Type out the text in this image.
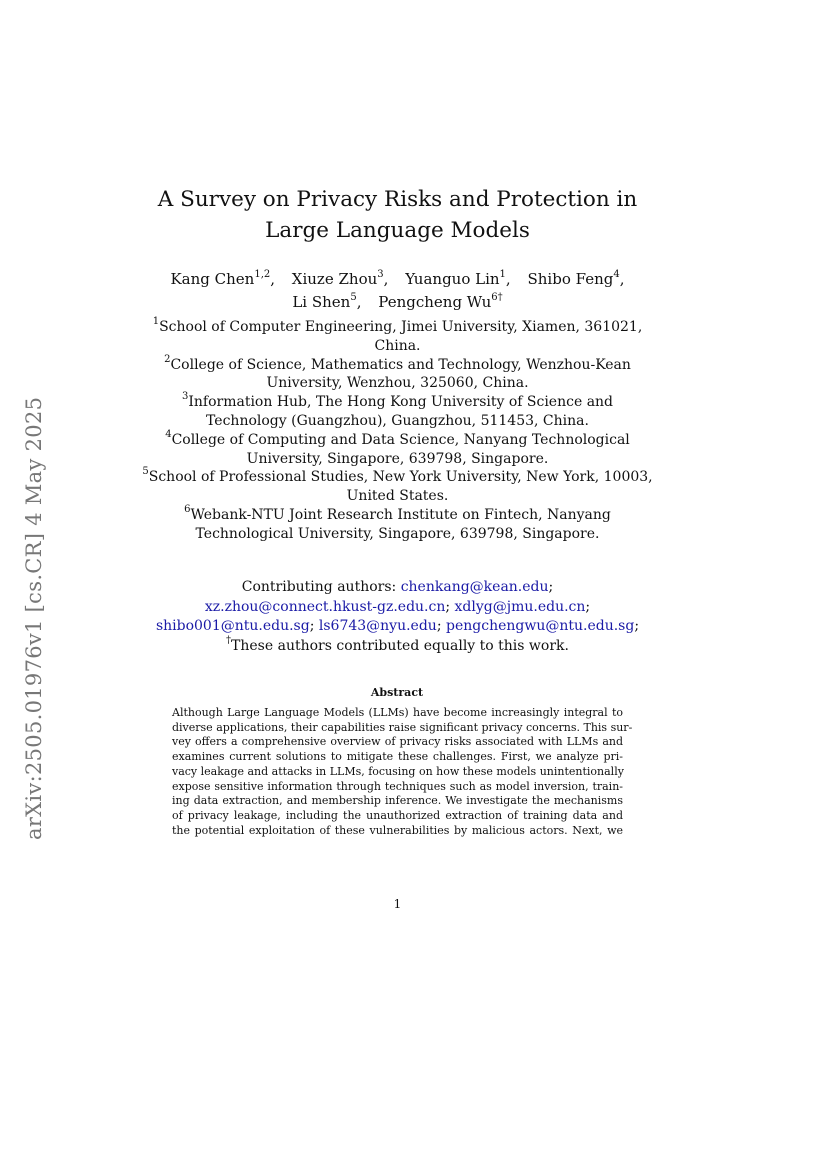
arXiv:2505.01976v1 [cs.CR] 4 May 2025
A Survey on Privacy Risks and Protection in
Large Language Models
Kang Chen$^{1,2}$, Xiuze Zhou$^3$, Yuanguo Lin$^1$, Shibo Feng$^4$,
Li Shen$^5$, Pengcheng $Wu^{6\dagger}$
$^1$School of Computer Engineering, Jimei University, Xiamen, 361021,
China.
$^2$College of Science, Mathematics and Technology, Wenzhou-Kean
University, Wenzhou, 325060, China.
$^3$Information Hub, The Hong Kong University of Science and
Technology (Guangzhou), Guangzhou, 511453, China.
$^4$College of Computing and Data Science, Nanyang Technological
University, Singapore, 639798, Singapore.
$^5$School of Professional Studies, New York University, New York, 10003,
United States.
$^6$Webank-NTU Joint Research Institute on Fintech, Nanyang
Technological University, Singapore, 639798, Singapore.
Contributing authors: chenkang@kean.edu;
xz.zhou@connect.hkust-gz.edu.cn; xdlyg@jmu.edu.cn;
shibo001@ntu.edu.sg; ls6743@nyu.edu; pengchengwu@ntu.edu.sg;
†These authors contributed equally to this work.
Abstract
Although Large Language Models (LLMs) have become increasingly integral to
diverse applications, their capabilities raise significant privacy concerns. This sur-
vey offers a comprehensive overview of privacy risks associated with LLMs and
examines current solutions to mitigate these challenges. First, we analyze pri-
vacy leakage and attacks in LLMs, focusing on how these models unintentionally
expose sensitive information through techniques such as model inversion, train-
ing data extraction, and membership inference. We investigate the mechanisms
of privacy leakage, including the unauthorized extraction of training data and
the potential exploitation of these vulnerabilities by malicious actors. Next, we
1
